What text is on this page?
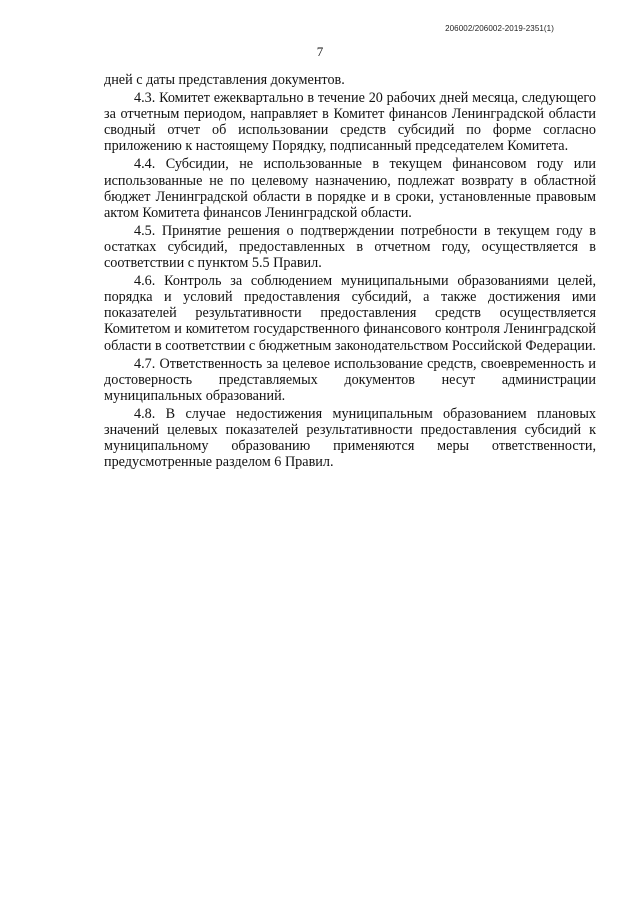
206002/206002-2019-2351(1)
7

дней с даты представления документов.

4.3. Комитет ежеквартально в течение 20 рабочих дней месяца, следующего за отчетным периодом, направляет в Комитет финансов Ленинградской области сводный отчет об использовании средств субсидий по форме согласно приложению к настоящему Порядку, подписанный председателем Комитета.

4.4. Субсидии, не использованные в текущем финансовом году или использованные не по целевому назначению, подлежат возврату в областной бюджет Ленинградской области в порядке и в сроки, установленные правовым актом Комитета финансов Ленинградской области.

4.5. Принятие решения о подтверждении потребности в текущем году в остатках субсидий, предоставленных в отчетном году, осуществляется в соответствии с пунктом 5.5 Правил.

4.6. Контроль за соблюдением муниципальными образованиями целей, порядка и условий предоставления субсидий, а также достижения ими показателей результативности предоставления средств осуществляется Комитетом и комитетом государственного финансового контроля Ленинградской области в соответствии с бюджетным законодательством Российской Федерации.

4.7. Ответственность за целевое использование средств, своевременность и достоверность представляемых документов несут администрации муниципальных образований.

4.8. В случае недостижения муниципальным образованием плановых значений целевых показателей результативности предоставления субсидий к муниципальному образованию применяются меры ответственности, предусмотренные разделом 6 Правил.
